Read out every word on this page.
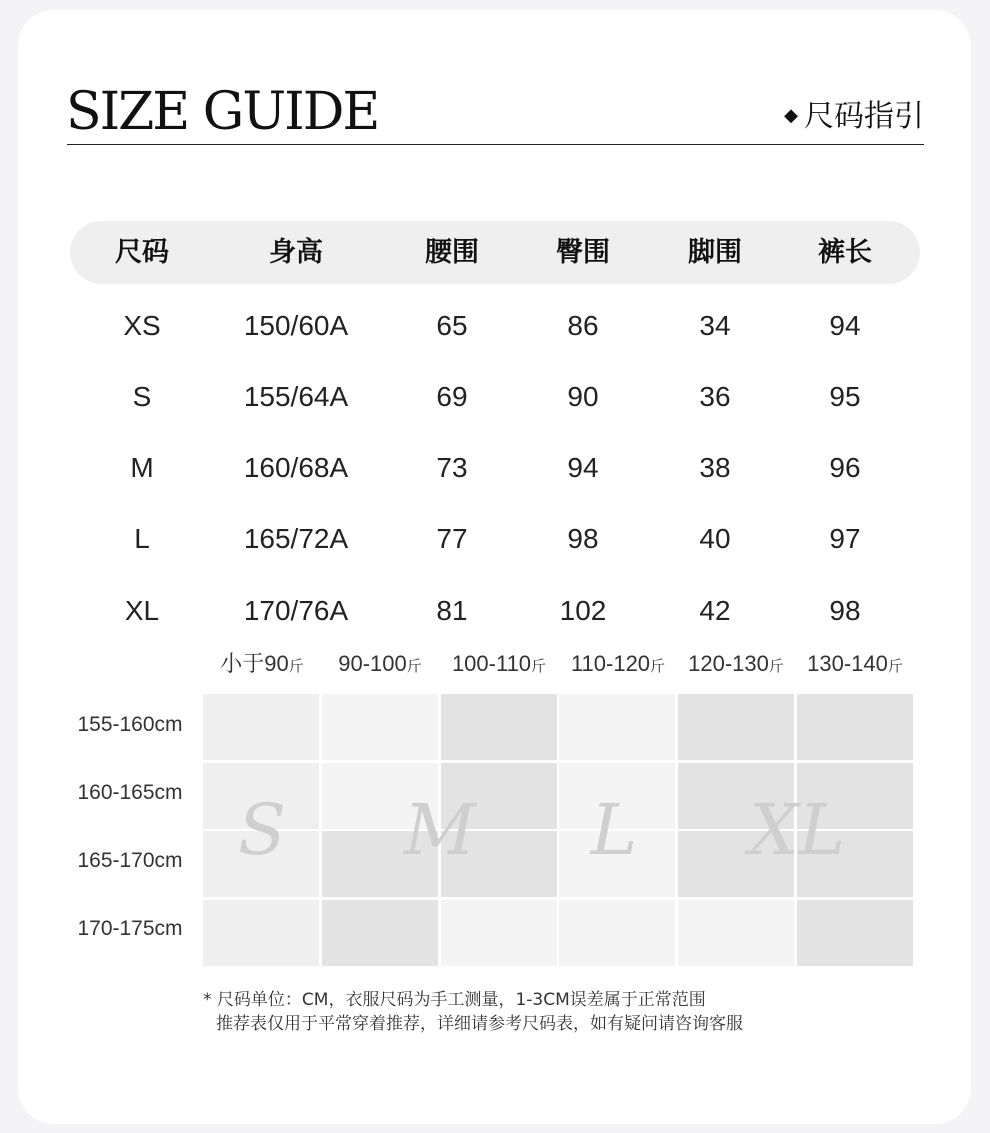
SIZE GUIDE	◆ 尺码指引
尺码	身高	腰围	臀围	脚围	裤长
XS	150/60A	65	86	34	94
S	155/64A	69	90	36	95
M	160/68A	73	94	38	96
L	165/72A	77	98	40	97
XL	170/76A	81	102	42	98
小于90斤	90-100斤	100-110斤	110-120斤	120-130斤	130-140斤
155-160cm
160-165cm
165-170cm
170-175cm
S	M	L	XL
* 尺码单位：CM，衣服尺码为手工测量，1-3CM误差属于正常范围
推荐表仅用于平常穿着推荐，详细请参考尺码表，如有疑问请咨询客服
